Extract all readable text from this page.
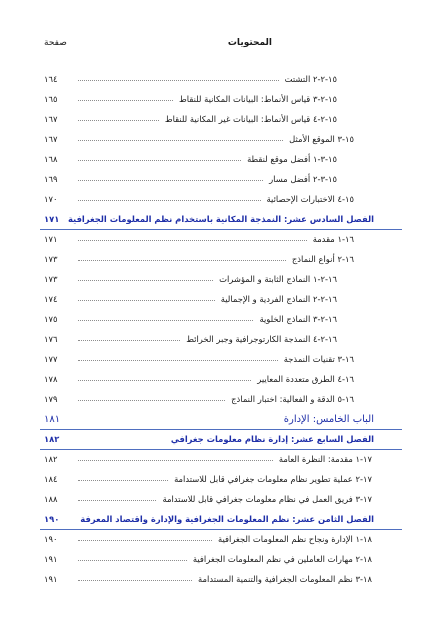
المحتويات
صفحة
١٦٤	١٥-٢-٢ التشتت
١٦٥	١٥-٢-٣ قياس الأنماط: البيانات المكانية للنقاط
١٦٧	١٥-٢-٤ قياس الأنماط: البيانات غير المكانية للنقاط
١٦٧	١٥-٣ الموقع الأمثل
١٦٨	١٥-٣-١ أفضل موقع لنقطة
١٦٩	١٥-٣-٢ أفضل مسار
١٧٠	١٥-٤ الاختبارات الإحصائية
١٧١ الفصل السادس عشر: النمذجة المكانية باستخدام نظم المعلومات الجغرافية
١٧١	١٦-١ مقدمة
١٧٣	١٦-٢ أنواع النماذج
١٧٣	١٦-٢-١ النماذج الثابتة و المؤشرات
١٧٤	١٦-٢-٢ النماذج الفردية و الإجمالية
١٧٥	١٦-٢-٣ النماذج الخلوية
١٧٦	١٦-٢-٤ النمذجة الكارتوجرافية وجبر الخرائط
١٧٧	١٦-٣ تقنيات النمذجة
١٧٨	١٦-٤ الطرق متعددة المعايير
١٧٩	١٦-٥ الدقة و الفعالية: اختبار النماذج
١٨١	الباب الخامس: الإدارة
١٨٢	الفصل السابع عشر: إدارة نظام معلومات جغرافي
١٨٢	١٧-١ مقدمة: النظرة العامة
١٨٤	١٧-٢ عملية تطوير نظام معلومات جغرافي قابل للاستدامة
١٨٨	١٧-٣ فريق العمل في نظام معلومات جغرافي قابل للاستدامة
١٩٠ الفصل الثامن عشر: نظم المعلومات الجغرافية والإدارة واقتصاد المعرفة
١٩٠	١٨-١ الإدارة ونجاح نظم المعلومات الجغرافية
١٩١	١٨-٢ مهارات العاملين في نظم المعلومات الجغرافية
١٩١	١٨-٣ نظم المعلومات الجغرافية والتنمية المستدامة
